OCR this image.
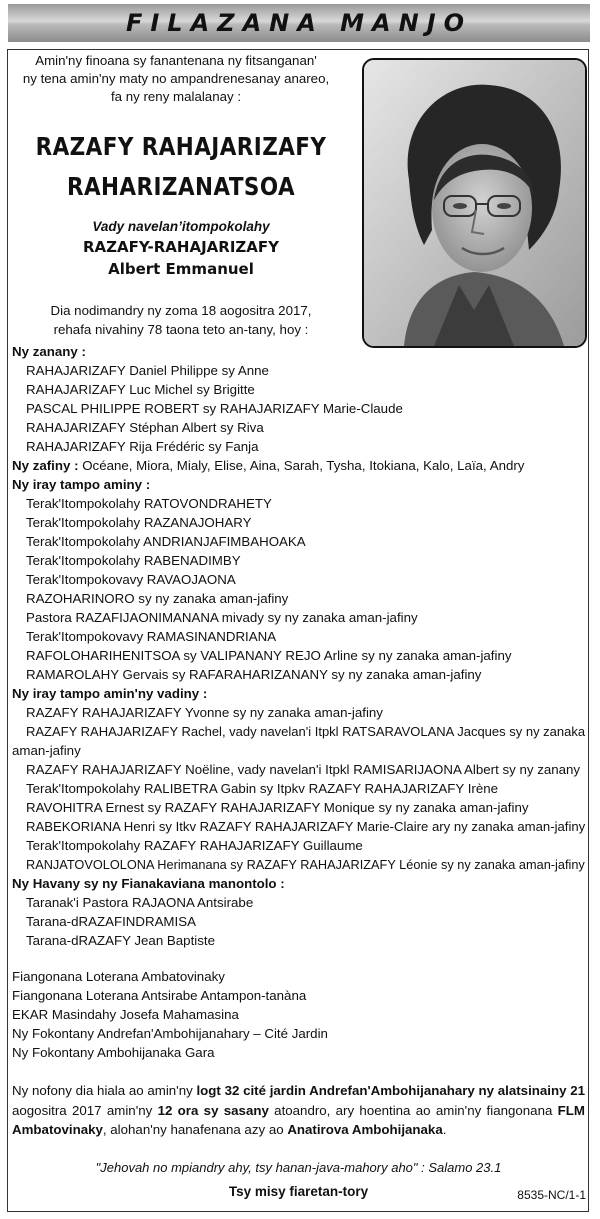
FILAZANA MANJO
Amin'ny finoana sy fanantenana ny fitsanganan'
ny tena amin'ny maty no ampandrenesanay anareo,
fa ny reny malalanay :
RAZAFY RAHAJARIZAFY
RAHARIZANATSOA
Vady navelan’itompokolahy
RAZAFY-RAHAJARIZAFY
Albert Emmanuel
Dia nodimandry ny zoma 18 aogositra 2017,
rehafa nivahiny 78 taona teto an-tany, hoy :
Ny zanany :
RAHAJARIZAFY Daniel Philippe sy Anne
RAHAJARIZAFY Luc Michel sy Brigitte
PASCAL PHILIPPE ROBERT sy RAHAJARIZAFY Marie-Claude
RAHAJARIZAFY Stéphan Albert sy Riva
RAHAJARIZAFY Rija Frédéric sy Fanja
Ny zafiny : Océane, Miora, Mialy, Elise, Aina, Sarah, Tysha, Itokiana, Kalo, Laïa, Andry
Ny iray tampo aminy :
Terak'Itompokolahy RATOVONDRAHETY
Terak'Itompokolahy RAZANAJOHARY
Terak'Itompokolahy ANDRIANJAFIMBAHOAKA
Terak'Itompokolahy RABENADIMBY
Terak'Itompokovavy RAVAOJAONA
RAZOHARINORO sy ny zanaka aman-jafiny
Pastora RAZAFIJAONIMANANA mivady sy ny zanaka aman-jafiny
Terak'Itompokovavy RAMASINANDRIANA
RAFOLOHARIHENITSOA sy VALIPANANY REJO Arline sy ny zanaka aman-jafiny
RAMAROLAHY Gervais sy RAFARAHARIZANANY sy ny zanaka aman-jafiny
Ny iray tampo amin'ny vadiny :
RAZAFY RAHAJARIZAFY Yvonne sy ny zanaka aman-jafiny
RAZAFY RAHAJARIZAFY Rachel, vady navelan'i Itpkl RATSARAVOLANA Jacques sy ny zanaka
aman-jafiny
RAZAFY RAHAJARIZAFY Noëline, vady navelan'i Itpkl RAMISARIJAONA Albert sy ny zanany
Terak'Itompokolahy RALIBETRA Gabin sy Itpkv RAZAFY RAHAJARIZAFY Irène
RAVOHITRA Ernest sy RAZAFY RAHAJARIZAFY Monique sy ny zanaka aman-jafiny
RABEKORIANA Henri sy Itkv RAZAFY RAHAJARIZAFY Marie-Claire ary ny zanaka aman-jafiny
Terak'Itompokolahy RAZAFY RAHAJARIZAFY Guillaume
RANJATOVOLOLONA Herimanana sy RAZAFY RAHAJARIZAFY Léonie sy ny zanaka aman-jafiny
Ny Havany sy ny Fianakaviana manontolo :
Taranak'i Pastora RAJAONA Antsirabe
Tarana-dRAZAFINDRAMISA
Tarana-dRAZAFY Jean Baptiste
Fiangonana Loterana Ambatovinaky
Fiangonana Loterana Antsirabe Antampon-tanàna
EKAR Masindahy Josefa Mahamasina
Ny Fokontany Andrefan'Ambohijanahary – Cité Jardin
Ny Fokontany Ambohijanaka Gara
Ny nofony dia hiala ao amin'ny logt 32 cité jardin Andrefan'Ambohijanahary ny alatsinainy 21 aogositra 2017 amin'ny 12 ora sy sasany atoandro, ary hoentina ao amin'ny fiangonana FLM Ambatovinaky, alohan'ny hanafenana azy ao Anatirova Ambohijanaka.
"Jehovah no mpiandry ahy, tsy hanan-java-mahory aho" : Salamo 23.1
Tsy misy fiaretan-tory	8535-NC/1-1
